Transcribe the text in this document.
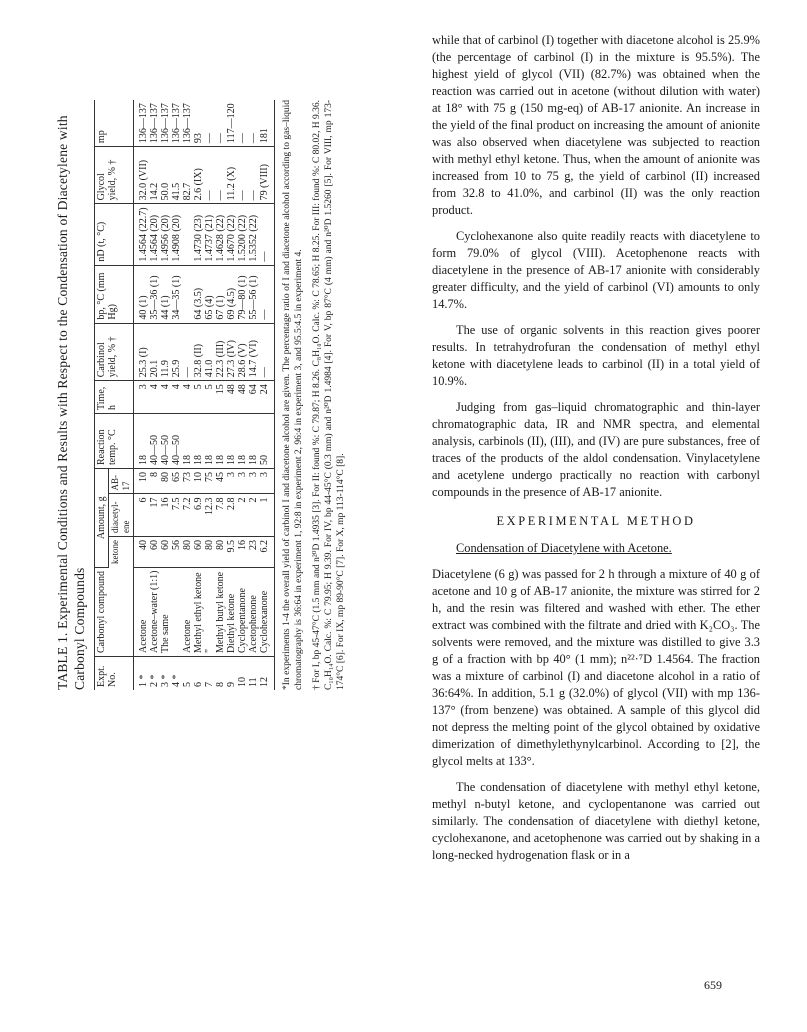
TABLE 1. Experimental Conditions and Results with Respect to the Condensation of Diacetylene with Carbonyl Compounds Expt. No.	Carbonyl compound	Amount, g			Reaction temp. °C	Time, h	Carbinol yield, % †	bp, °C (mm Hg)	nD (t, °C)	Glycol yield, % †	mp
		ketone	diacetyl-ene	AB-17							
1 *	Acetone	40	6	10	18	3	25.3 (I)	40 (1)	1.4564 (22.7)	32.0 (VII)	136—137
2 *	Acetone–water (1:1)	60	17	8	40—50	4	20.1	35—36 (1)	1.4564 (20)	14.2	136—137
3 *	The same	60	16	80	40—50	4	11.9	44 (1)	1.4956 (20)	50.0	136—137
4 *		56	7.5	65	40—50	4	25.9	34—35 (1)	1.4908 (20)	41.5	136—137
5	Acetone	80	7.2	73	18	4	—			82.7	136—137
6	Methyl ethyl ketone	60	6.9	10	18	5	32.8 (II)	64 (3.5)	1.4730 (23)	2.6 (IX)	93
7	"	80	12.3	75	18	5	41.0	65 (4)	1.4737 (21)	—	—
8	Methyl butyl ketone	80	7.8	45	18	15	22.3 (III)	67 (1)	1.4628 (22)	—	—
9	Diethyl ketone	9.5	2.8	3	18	48	27.3 (IV)	69 (4.5)	1.4670 (22)	11.2 (X)	117—120
10	Cyclopentanone	16	2	3	18	48	28.6 (V)	79—80 (1)	1.5200 (22)	—	—
11	Acetophenone	23	2	3	18	64	14.7 (VI)	55—56 (1)	1.5352 (22)	—	—
12	Cyclohexanone	6.2	1	3	50	24	—	—	—	79 (VIII)	181 *In experiments 1-4 the overall yield of carbinol I and diacetone alcohol are given. The percentage ratio of I and diacetone alcohol according to gas–liquid chromatography is 36:64 in experiment 1, 92:8 in experiment 2, 96:4 in experiment 3, and 95.5:4.5 in experiment 4. † For I, bp 45-47°C (1.5 mm and n²⁰D 1.4935 [3]. For II: found %: C 79.87; H 8.26. C₈H₁₀O. Calc. %: C 78.65; H 8.25. For III: found %: C 80.02, H 9.36. C₁₀H₁₄O. Calc. %: C 79.95; H 9.39. For IV, bp 44-45°C (0.3 mm) and n²⁰D 1.4984 [4]. For V, bp 87°C (4 mm) and n²⁰D 1.5260 [5]. For VIII, mp 173-174°C [6]. For IX, mp 89-90°C [7]. For X, mp 113-114°C [8].

while that of carbinol (I) together with diacetone alcohol is 25.9% (the percentage of carbinol (I) in the mixture is 95.5%). The highest yield of glycol (VII) (82.7%) was obtained when the reaction was carried out in acetone (without dilution with water) at 18° with 75 g (150 mg-eq) of AB-17 anionite. An increase in the yield of the final product on increasing the amount of anionite was also observed when diacetylene was subjected to reaction with methyl ethyl ketone. Thus, when the amount of anionite was increased from 10 to 75 g, the yield of carbinol (II) increased from 32.8 to 41.0%, and carbinol (II) was the only reaction product.

Cyclohexanone also quite readily reacts with diacetylene to form 79.0% of glycol (VIII). Acetophenone reacts with diacetylene in the presence of AB-17 anionite with considerably greater difficulty, and the yield of carbinol (VI) amounts to only 14.7%.

The use of organic solvents in this reaction gives poorer results. In tetrahydrofuran the condensation of methyl ethyl ketone with diacetylene leads to carbinol (II) in a total yield of 10.9%.

Judging from gas–liquid chromatographic and thin-layer chromatographic data, IR and NMR spectra, and elemental analysis, carbinols (II), (III), and (IV) are pure substances, free of traces of the products of the aldol condensation. Vinylacetylene and acetylene undergo practically no reaction with carbonyl compounds in the presence of AB-17 anionite.

EXPERIMENTAL METHOD

Condensation of Diacetylene with Acetone.

Diacetylene (6 g) was passed for 2 h through a mixture of 40 g of acetone and 10 g of AB-17 anionite, the mixture was stirred for 2 h, and the resin was filtered and washed with ether. The ether extract was combined with the filtrate and dried with K₂CO₃. The solvents were removed, and the mixture was distilled to give 3.3 g of a fraction with bp 40° (1 mm); n²²·⁷D 1.4564. The fraction was a mixture of carbinol (I) and diacetone alcohol in a ratio of 36:64%. In addition, 5.1 g (32.0%) of glycol (VII) with mp 136-137° (from benzene) was obtained. A sample of this glycol did not depress the melting point of the glycol obtained by oxidative dimerization of dimethylethynylcarbinol. According to [2], the glycol melts at 133°.

The condensation of diacetylene with methyl ethyl ketone, methyl n-butyl ketone, and cyclopentanone was carried out similarly. The condensation of diacetylene with diethyl ketone, cyclohexanone, and acetophenone was carried out by shaking in a long-necked hydrogenation flask or in a

659
